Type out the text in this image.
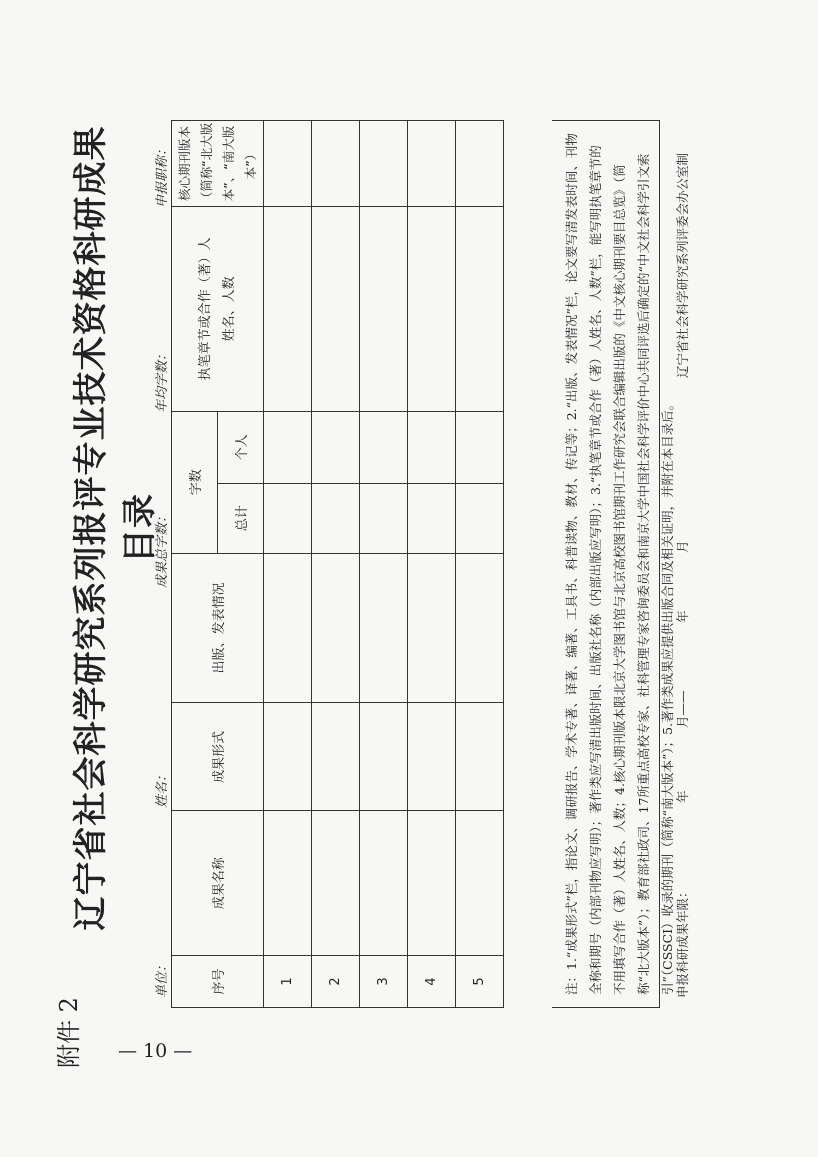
附件 2
辽宁省社会科学研究系列报评专业技术资格科研成果目录
单位：
姓名：
成果总字数：
年均字数：
申报职称：
序号	成果名称	成果形式	出版、发表情况	字数		执笔章节或合作（著）人姓名、人数	核心期刊版本（简称“北大版本”、“南大版本”）
				总计	个人		
1							
2							
3							
4							
5								注：1.“成果形式”栏，指论文、调研报告、学术专著、译著、编著、工具书、科普读物、教材、传记等；2.“出版、发表情况”栏，论文要写清发表时间、刊物全称和期号（内部刊物应写明）；著作类应写清出版时间、出版社名称（内部出版应写明）；3.“执笔章节或合作（著）人姓名、人数”栏，能写明执笔章节的不用填写合作（著）人姓名、人数；4.核心期刊版本限北京大学图书馆与北京高校图书馆期刊工作研究会联合编辑出版的《中文核心期刊要目总览》（简称“北大版本”）；教育部社政司、17所重点高校专家、社科管理专家咨询委员会和南京大学中国社会科学评价中心共同评选后确定的“中文社会科学引文索引”（CSSCI）收录的期刊（简称“南大版本”）；5.著作类成果应提供出版合同及相关证明，并附在本目录后。 申报科研成果年限：
年
月——
年
月
辽宁省社会科学研究系列评委会办公室制
— 10 —
